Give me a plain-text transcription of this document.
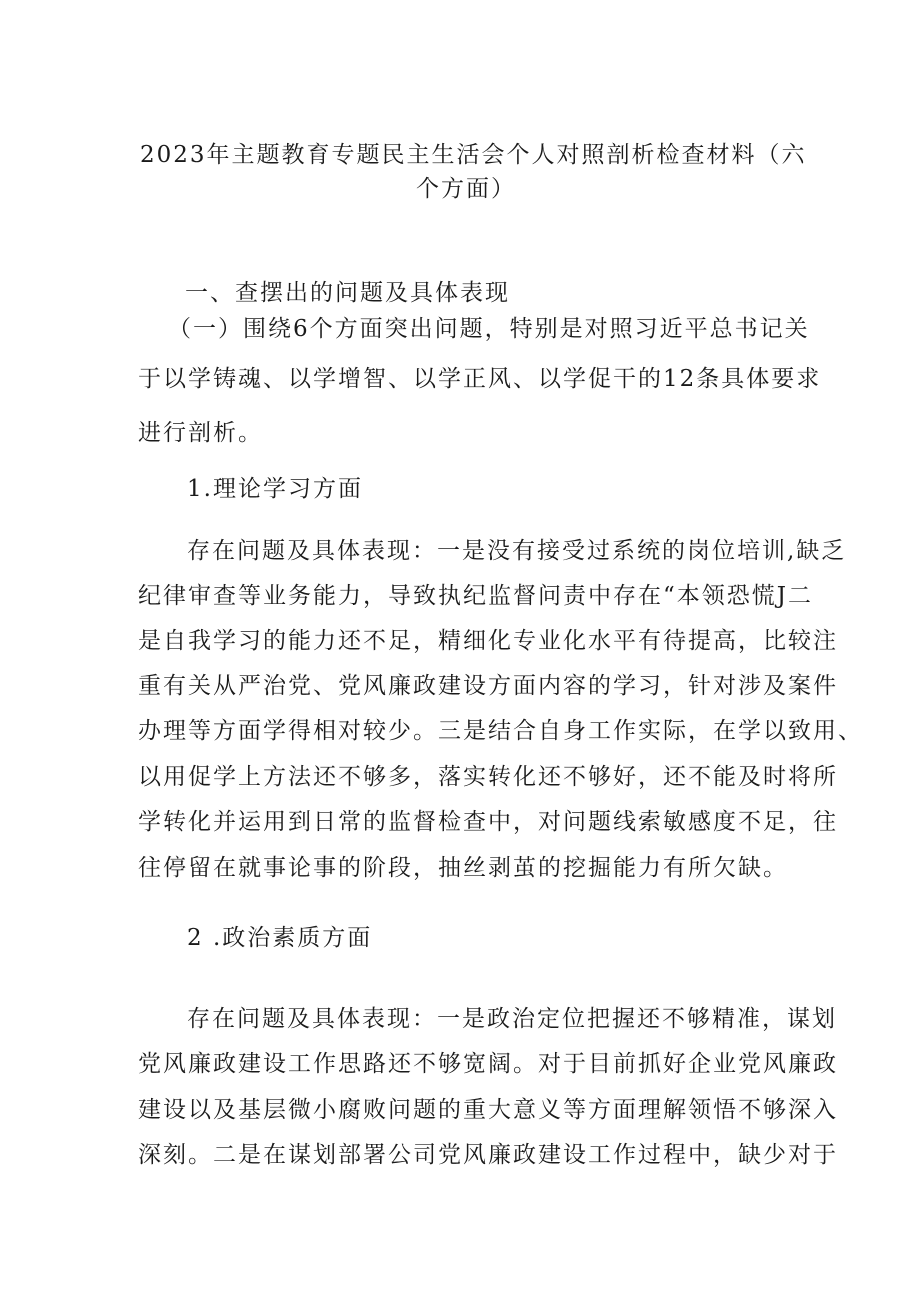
2023年主题教育专题民主生活会个人对照剖析检查材料（六
个方面）
一、查摆出的问题及具体表现
（一）围绕6个方面突出问题，特别是对照习近平总书记关
于以学铸魂、以学增智、以学正风、以学促干的12条具体要求
进行剖析。
1.理论学习方面
存在问题及具体表现：一是没有接受过系统的岗位培训,缺乏
纪律审查等业务能力，导致执纪监督问责中存在“本领恐慌J二
是自我学习的能力还不足，精细化专业化水平有待提高，比较注
重有关从严治党、党风廉政建设方面内容的学习，针对涉及案件
办理等方面学得相对较少。三是结合自身工作实际，在学以致用、
以用促学上方法还不够多，落实转化还不够好，还不能及时将所
学转化并运用到日常的监督检查中，对问题线索敏感度不足，往
往停留在就事论事的阶段，抽丝剥茧的挖掘能力有所欠缺。
2 .政治素质方面
存在问题及具体表现：一是政治定位把握还不够精准，谋划
党风廉政建设工作思路还不够宽阔。对于目前抓好企业党风廉政
建设以及基层微小腐败问题的重大意义等方面理解领悟不够深入
深刻。二是在谋划部署公司党风廉政建设工作过程中，缺少对于
